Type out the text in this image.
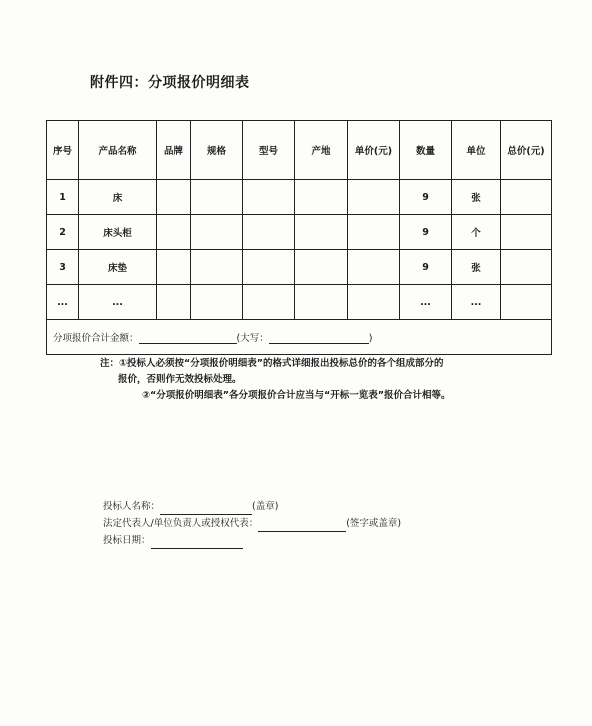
附件四：分项报价明细表
序号	产品名称	品牌	规格	型号	产地	单价(元)	数量	单位	总价(元)
1	床						9	张	
2	床头柜						9	个	
3	床垫						9	张	
...	...						...	...	
分项报价合计金额： (大写： )									
注：①投标人必须按“分项报价明细表”的格式详细报出投标总价的各个组成部分的
报价，否则作无效投标处理。
②“分项报价明细表”各分项报价合计应当与“开标一览表”报价合计相等。
投标人名称：	(盖章)
法定代表人/单位负责人或授权代表：	(签字或盖章)
投标日期：
